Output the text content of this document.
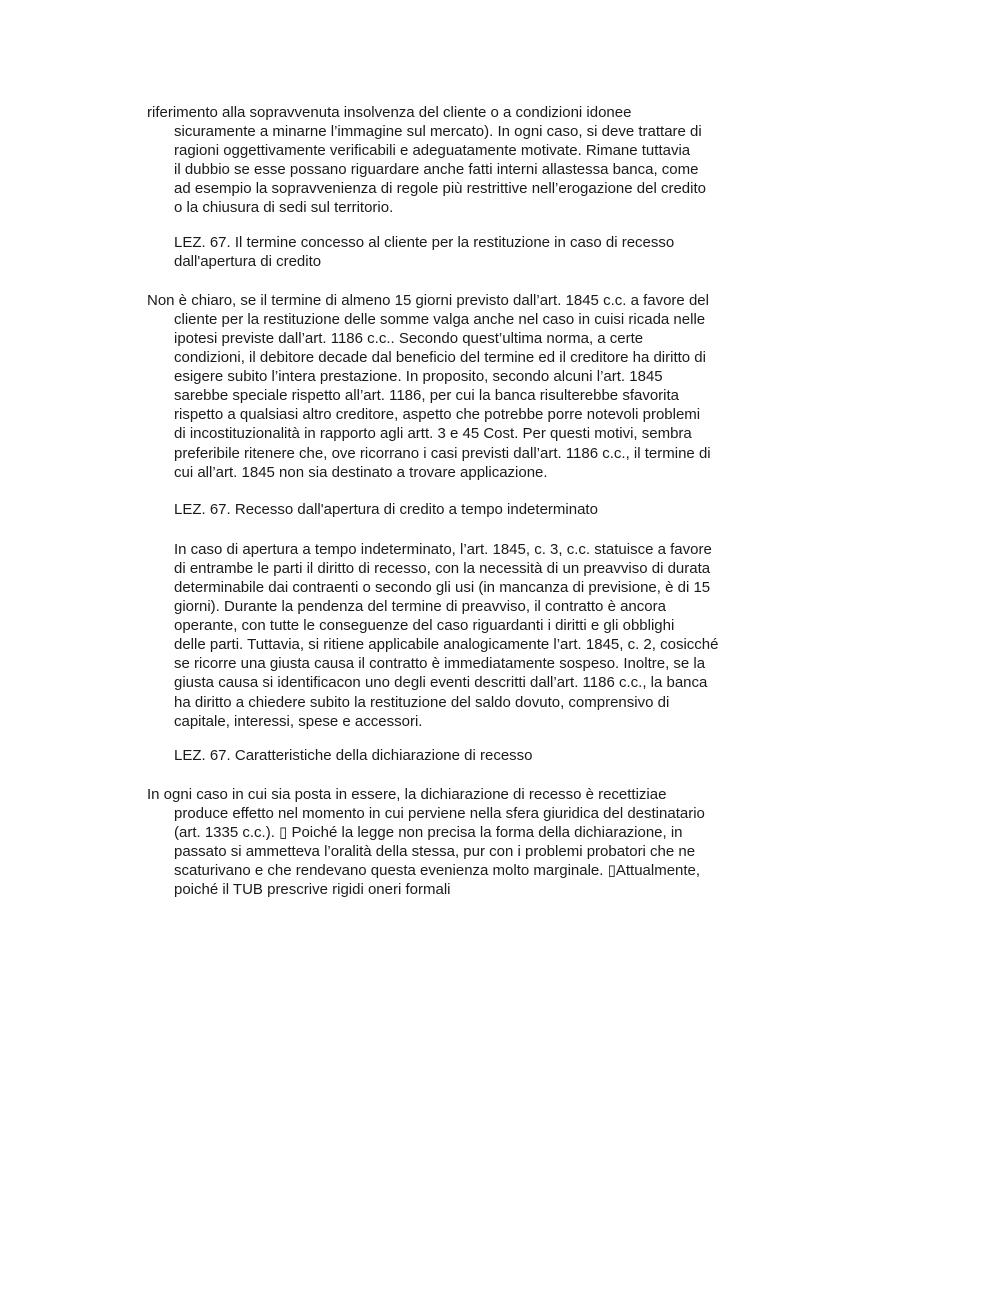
riferimento alla sopravvenuta insolvenza del cliente o a condizioni idonee
sicuramente a minarne l’immagine sul mercato). In ogni caso, si deve trattare di
ragioni oggettivamente verificabili e adeguatamente motivate. Rimane tuttavia
il dubbio se esse possano riguardare anche fatti interni allastessa banca, come
ad esempio la sopravvenienza di regole più restrittive nell’erogazione del credito
o la chiusura di sedi sul territorio.

LEZ. 67. Il termine concesso al cliente per la restituzione in caso di recesso
dall'apertura di credito

Non è chiaro, se il termine di almeno 15 giorni previsto dall’art. 1845 c.c. a favore del
cliente per la restituzione delle somme valga anche nel caso in cuisi ricada nelle
ipotesi previste dall’art. 1186 c.c.. Secondo quest’ultima norma, a certe
condizioni, il debitore decade dal beneficio del termine ed il creditore ha diritto di
esigere subito l’intera prestazione. In proposito, secondo alcuni l’art. 1845
sarebbe speciale rispetto all’art. 1186, per cui la banca risulterebbe sfavorita
rispetto a qualsiasi altro creditore, aspetto che potrebbe porre notevoli problemi
di incostituzionalità in rapporto agli artt. 3 e 45 Cost. Per questi motivi, sembra
preferibile ritenere che, ove ricorrano i casi previsti dall’art. 1186 c.c., il termine di
cui all’art. 1845 non sia destinato a trovare applicazione.

LEZ. 67. Recesso dall'apertura di credito a tempo indeterminato

In caso di apertura a tempo indeterminato, l’art. 1845, c. 3, c.c. statuisce a favore
di entrambe le parti il diritto di recesso, con la necessità di un preavviso di durata
determinabile dai contraenti o secondo gli usi (in mancanza di previsione, è di 15
giorni). Durante la pendenza del termine di preavviso, il contratto è ancora
operante, con tutte le conseguenze del caso riguardanti i diritti e gli obblighi
delle parti. Tuttavia, si ritiene applicabile analogicamente l’art. 1845, c. 2, cosicché
se ricorre una giusta causa il contratto è immediatamente sospeso. Inoltre, se la
giusta causa si identificacon uno degli eventi descritti dall’art. 1186 c.c., la banca
ha diritto a chiedere subito la restituzione del saldo dovuto, comprensivo di
capitale, interessi, spese e accessori.

LEZ. 67. Caratteristiche della dichiarazione di recesso

In ogni caso in cui sia posta in essere, la dichiarazione di recesso è recettiziae
produce effetto nel momento in cui perviene nella sfera giuridica del destinatario
(art. 1335 c.c.). ▯ Poiché la legge non precisa la forma della dichiarazione, in
passato si ammetteva l’oralità della stessa, pur con i problemi probatori che ne
scaturivano e che rendevano questa evenienza molto marginale. ▯Attualmente,
poiché il TUB prescrive rigidi oneri formali
